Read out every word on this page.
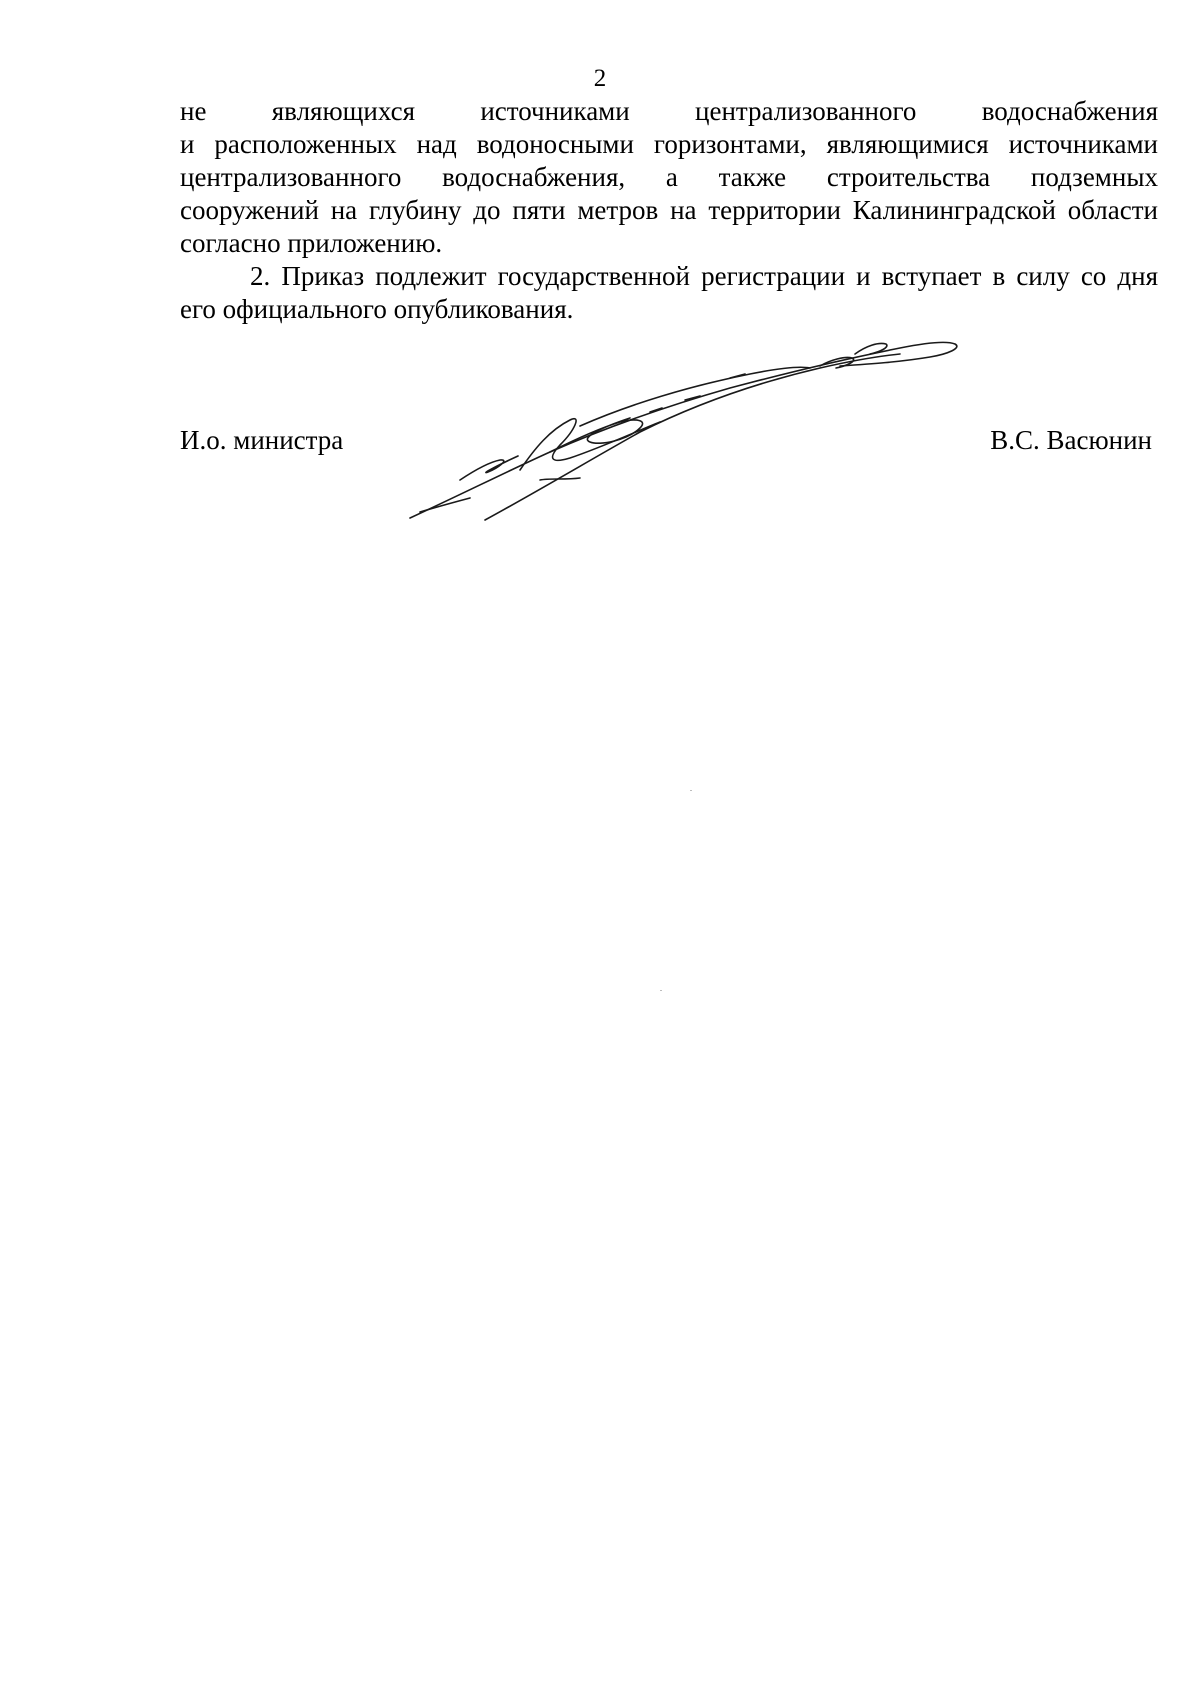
2
не являющихся источниками централизованного водоснабжения
и расположенных над водоносными горизонтами, являющимися источниками
централизованного водоснабжения, а также строительства подземных
сооружений на глубину до пяти метров на территории Калининградской области
согласно приложению.
2. Приказ подлежит государственной регистрации и вступает в силу со дня
его официального опубликования.
И.о. министра	В.С. Васюнин
